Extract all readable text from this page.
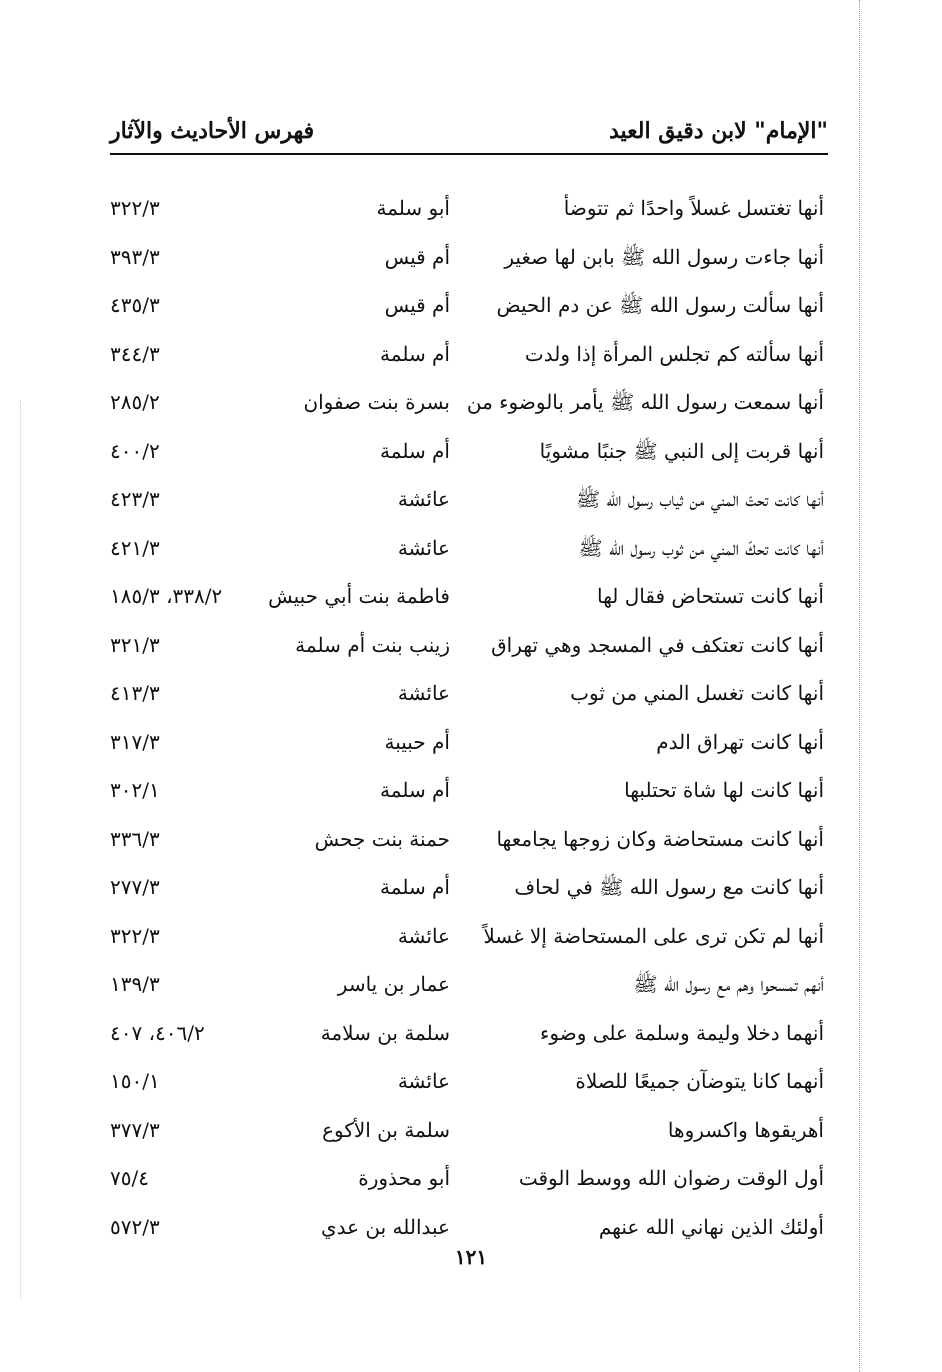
"الإمام" لابن دقيق العيد
فهرس الأحاديث والآثار
أنها تغتسل غسلاً واحدًا ثم تتوضأ
أبو سلمة
٣٢٢/٣
أنها جاءت رسول الله ﷺ بابن لها صغير
أم قيس
٣٩٣/٣
أنها سألت رسول الله ﷺ عن دم الحيض
أم قيس
٤٣٥/٣
أنها سألته كم تجلس المرأة إذا ولدت
أم سلمة
٣٤٤/٣
أنها سمعت رسول الله ﷺ يأمر بالوضوء من
بسرة بنت صفوان
٢٨٥/٢
أنها قربت إلى النبي ﷺ جنبًا مشويًا
أم سلمة
٤٠٠/٢
أنها كانت تحتّ المني من ثياب رسول الله ﷺ
عائشة
٤٢٣/٣
أنها كانت تحكّ المني من ثوب رسول الله ﷺ
عائشة
٤٢١/٣
أنها كانت تستحاض فقال لها
فاطمة بنت أبي حبيش
٣٣٨/٢، ١٨٥/٣
أنها كانت تعتكف في المسجد وهي تهراق
زينب بنت أم سلمة
٣٢١/٣
أنها كانت تغسل المني من ثوب
عائشة
٤١٣/٣
أنها كانت تهراق الدم
أم حبيبة
٣١٧/٣
أنها كانت لها شاة تحتلبها
أم سلمة
٣٠٢/١
أنها كانت مستحاضة وكان زوجها يجامعها
حمنة بنت جحش
٣٣٦/٣
أنها كانت مع رسول الله ﷺ في لحاف
أم سلمة
٢٧٧/٣
أنها لم تكن ترى على المستحاضة إلا غسلاً
عائشة
٣٢٢/٣
أنهم تمسحوا وهم مع رسول الله ﷺ
عمار بن ياسر
١٣٩/٣
أنهما دخلا وليمة وسلمة على وضوء
سلمة بن سلامة
٤٠٦/٢، ٤٠٧
أنهما كانا يتوضآن جميعًا للصلاة
عائشة
١٥٠/١
أهريقوها واكسروها
سلمة بن الأكوع
٣٧٧/٣
أول الوقت رضوان الله ووسط الوقت
أبو محذورة
٧٥/٤
أولئك الذين نهاني الله عنهم
عبدالله بن عدي
٥٧٢/٣
١٢١
